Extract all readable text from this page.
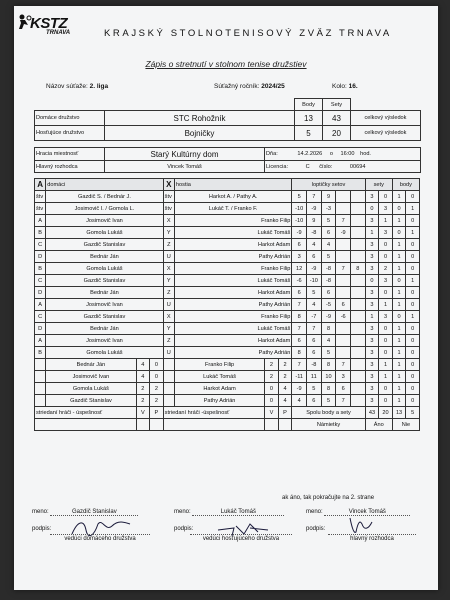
KSTZ
TRNAVA	KRAJSKÝ STOLNOTENISOVÝ ZVÄZ TRNAVA
Zápis o stretnutí v stolnom tenise družstiev
Názov súťaže: 2. liga	Súťažný ročník: 2024/25	Kolo: 16.
		Body	Sety	
Domáce družstvo	STC Rohožník	13	43	celkový výsledok
Hosťujúce družstvo	Bojničky	5	20	celkový výsledok
Hracia miestnosť	Starý Kultúrny dom	Dňa: 14.2.2026 o 16:00 hod.
Hlavný rozhodca	Vincek Tomáš	Licencia: C číslo: 00694
A	domáci			X	hostia			loptičky setov					sety		body	
štv	Gazdič S. / Bednár J.			štv	Harkot A. / Pathy A.			5	7	9			3	0	1	0
štv	Josimovič I. / Gomola L.			štv	Lukáč T. / Franko F.			-10	-9	-3			0	3	0	1
A	Josimovič Ivan			X	Franko Filip			-10	9	5	7		3	1	1	0
B	Gomola Lukáš			Y	Lukáč Tomáš			-9	-8	6	-9		1	3	0	1
C	Gazdič Stanislav			Z	Harkot Adam			6	4	4			3	0	1	0
D	Bednár Ján			U	Pathy Adrián			3	6	5			3	0	1	0
B	Gomola Lukáš			X	Franko Filip			12	-9	-8	7	8	3	2	1	0
C	Gazdič Stanislav			Y	Lukáč Tomáš			-6	-10	-8			0	3	0	1
D	Bednár Ján			Z	Harkot Adam			6	5	6			3	0	1	0
A	Josimovič Ivan			U	Pathy Adrián			7	4	-5	6		3	1	1	0
C	Gazdič Stanislav			X	Franko Filip			8	-7	-9	-6		1	3	0	1
D	Bednár Ján			Y	Lukáč Tomáš			7	7	8			3	0	1	0
A	Josimovič Ivan			Z	Harkot Adam			6	6	4			3	0	1	0
B	Gomola Lukáš			U	Pathy Adrián			8	6	5			3	0	1	0
	Bednár Ján	4	0		Franko Filip	2	2	7	-8	8	7		3	1	1	0
	Josimovič Ivan	4	0		Lukáč Tomáš	2	2	-11	11	10	3		3	1	1	0
	Gomola Lukáš	2	2		Harkot Adam	0	4	-9	5	8	6		3	0	1	0
	Gazdič Stanislav	2	2		Pathy Adrián	0	4	4	6	5	7		3	0	1	0
striedaní hráči - úspešnosť		V	P	striedaní hráči -úspešnosť		V	P	Spolu body a sety					43	20	13	5
								Námietky					Áno		Nie	
ak áno, tak pokračujte na 2. strane
meno:	Gazdič Stanislav	meno:	Lukáč Tomáš	meno:	Vincek Tomáš
podpis:	podpis:	podpis:
vedúci domáceho družstva	vedúci hosťujúceho družstva	hlavný rozhodca
